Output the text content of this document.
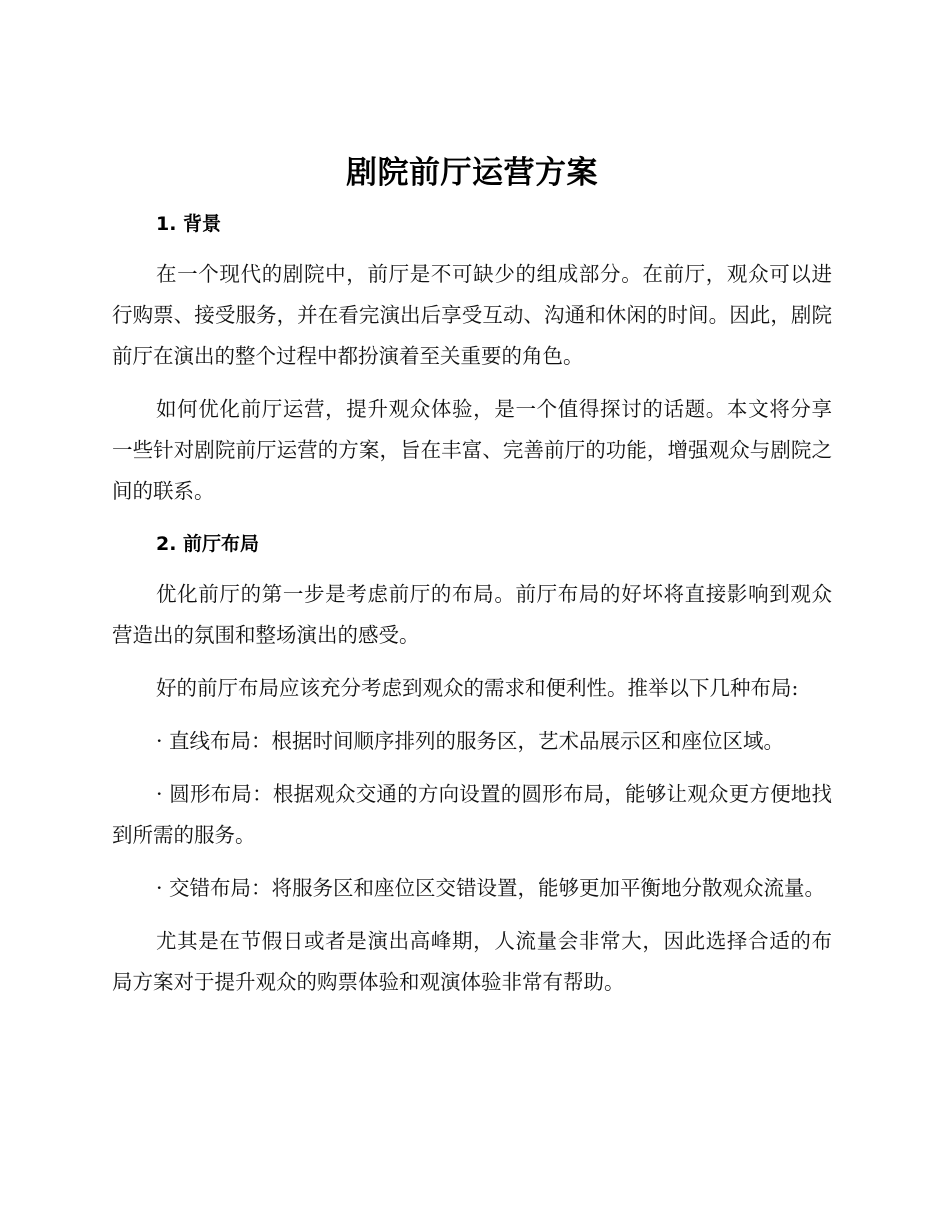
剧院前厅运营方案
1. 背景

在一个现代的剧院中，前厅是不可缺少的组成部分。在前厅，观众可以进行购票、接受服务，并在看完演出后享受互动、沟通和休闲的时间。因此，剧院前厅在演出的整个过程中都扮演着至关重要的角色。

如何优化前厅运营，提升观众体验，是一个值得探讨的话题。本文将分享一些针对剧院前厅运营的方案，旨在丰富、完善前厅的功能，增强观众与剧院之间的联系。

2. 前厅布局

优化前厅的第一步是考虑前厅的布局。前厅布局的好坏将直接影响到观众营造出的氛围和整场演出的感受。

好的前厅布局应该充分考虑到观众的需求和便利性。推举以下几种布局:

· 直线布局：根据时间顺序排列的服务区，艺术品展示区和座位区域。

· 圆形布局：根据观众交通的方向设置的圆形布局，能够让观众更方便地找到所需的服务。

· 交错布局：将服务区和座位区交错设置，能够更加平衡地分散观众流量。

尤其是在节假日或者是演出高峰期，人流量会非常大，因此选择合适的布局方案对于提升观众的购票体验和观演体验非常有帮助。
